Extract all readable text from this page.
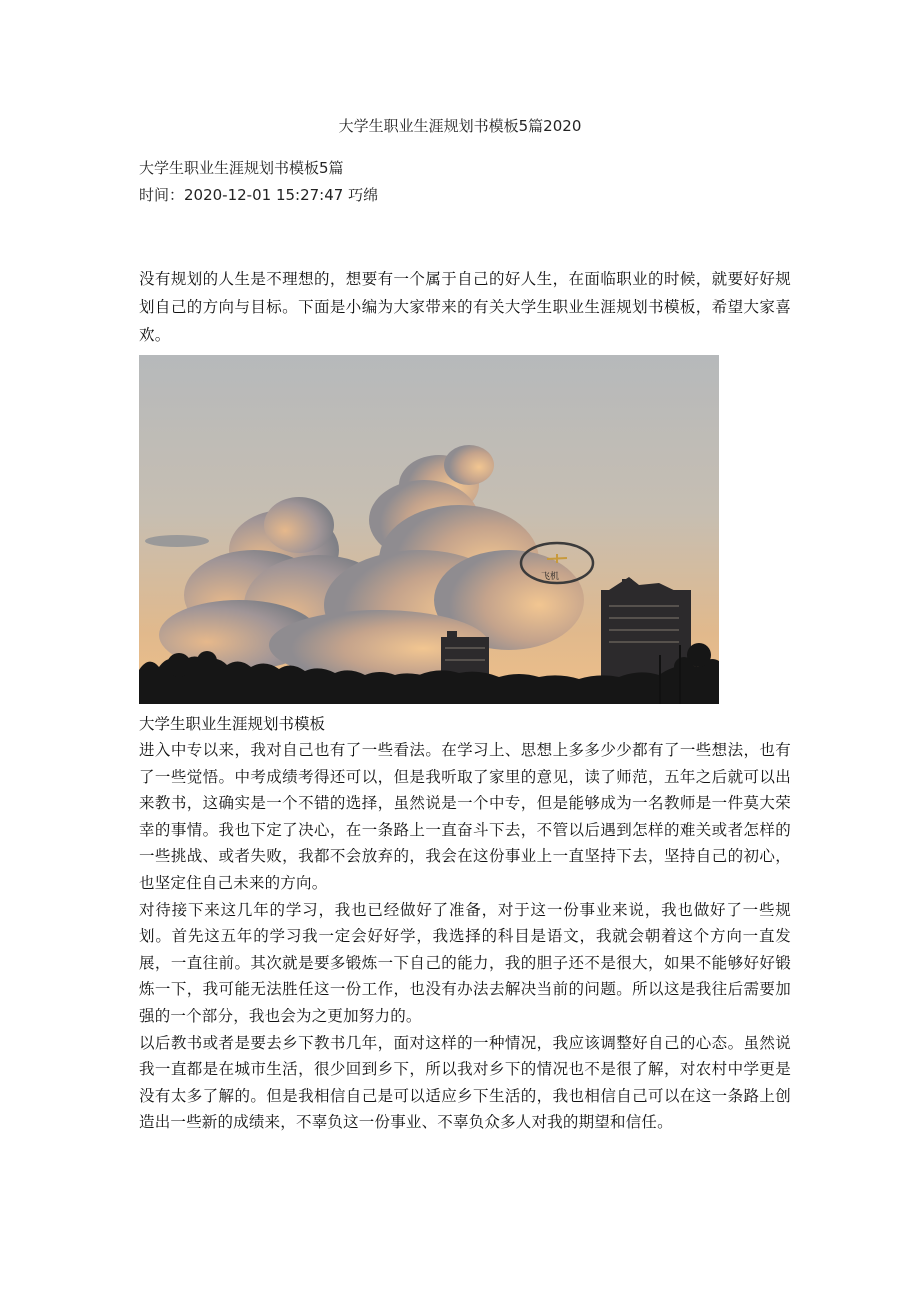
大学生职业生涯规划书模板5篇2020
大学生职业生涯规划书模板5篇
时间：2020-12-01 15:27:47 巧绵
没有规划的人生是不理想的，想要有一个属于自己的好人生，在面临职业的时候，就要好好规划自己的方向与目标。下面是小编为大家带来的有关大学生职业生涯规划书模板，希望大家喜欢。
飞机
大学生职业生涯规划书模板

进入中专以来，我对自己也有了一些看法。在学习上、思想上多多少少都有了一些想法，也有了一些觉悟。中考成绩考得还可以，但是我听取了家里的意见，读了师范，五年之后就可以出来教书，这确实是一个不错的选择，虽然说是一个中专，但是能够成为一名教师是一件莫大荣幸的事情。我也下定了决心，在一条路上一直奋斗下去，不管以后遇到怎样的难关或者怎样的一些挑战、或者失败，我都不会放弃的，我会在这份事业上一直坚持下去，坚持自己的初心，也坚定住自己未来的方向。

对待接下来这几年的学习，我也已经做好了准备，对于这一份事业来说，我也做好了一些规划。首先这五年的学习我一定会好好学，我选择的科目是语文，我就会朝着这个方向一直发展，一直往前。其次就是要多锻炼一下自己的能力，我的胆子还不是很大，如果不能够好好锻炼一下，我可能无法胜任这一份工作，也没有办法去解决当前的问题。所以这是我往后需要加强的一个部分，我也会为之更加努力的。

以后教书或者是要去乡下教书几年，面对这样的一种情况，我应该调整好自己的心态。虽然说我一直都是在城市生活，很少回到乡下，所以我对乡下的情况也不是很了解，对农村中学更是没有太多了解的。但是我相信自己是可以适应乡下生活的，我也相信自己可以在这一条路上创造出一些新的成绩来，不辜负这一份事业、不辜负众多人对我的期望和信任。
